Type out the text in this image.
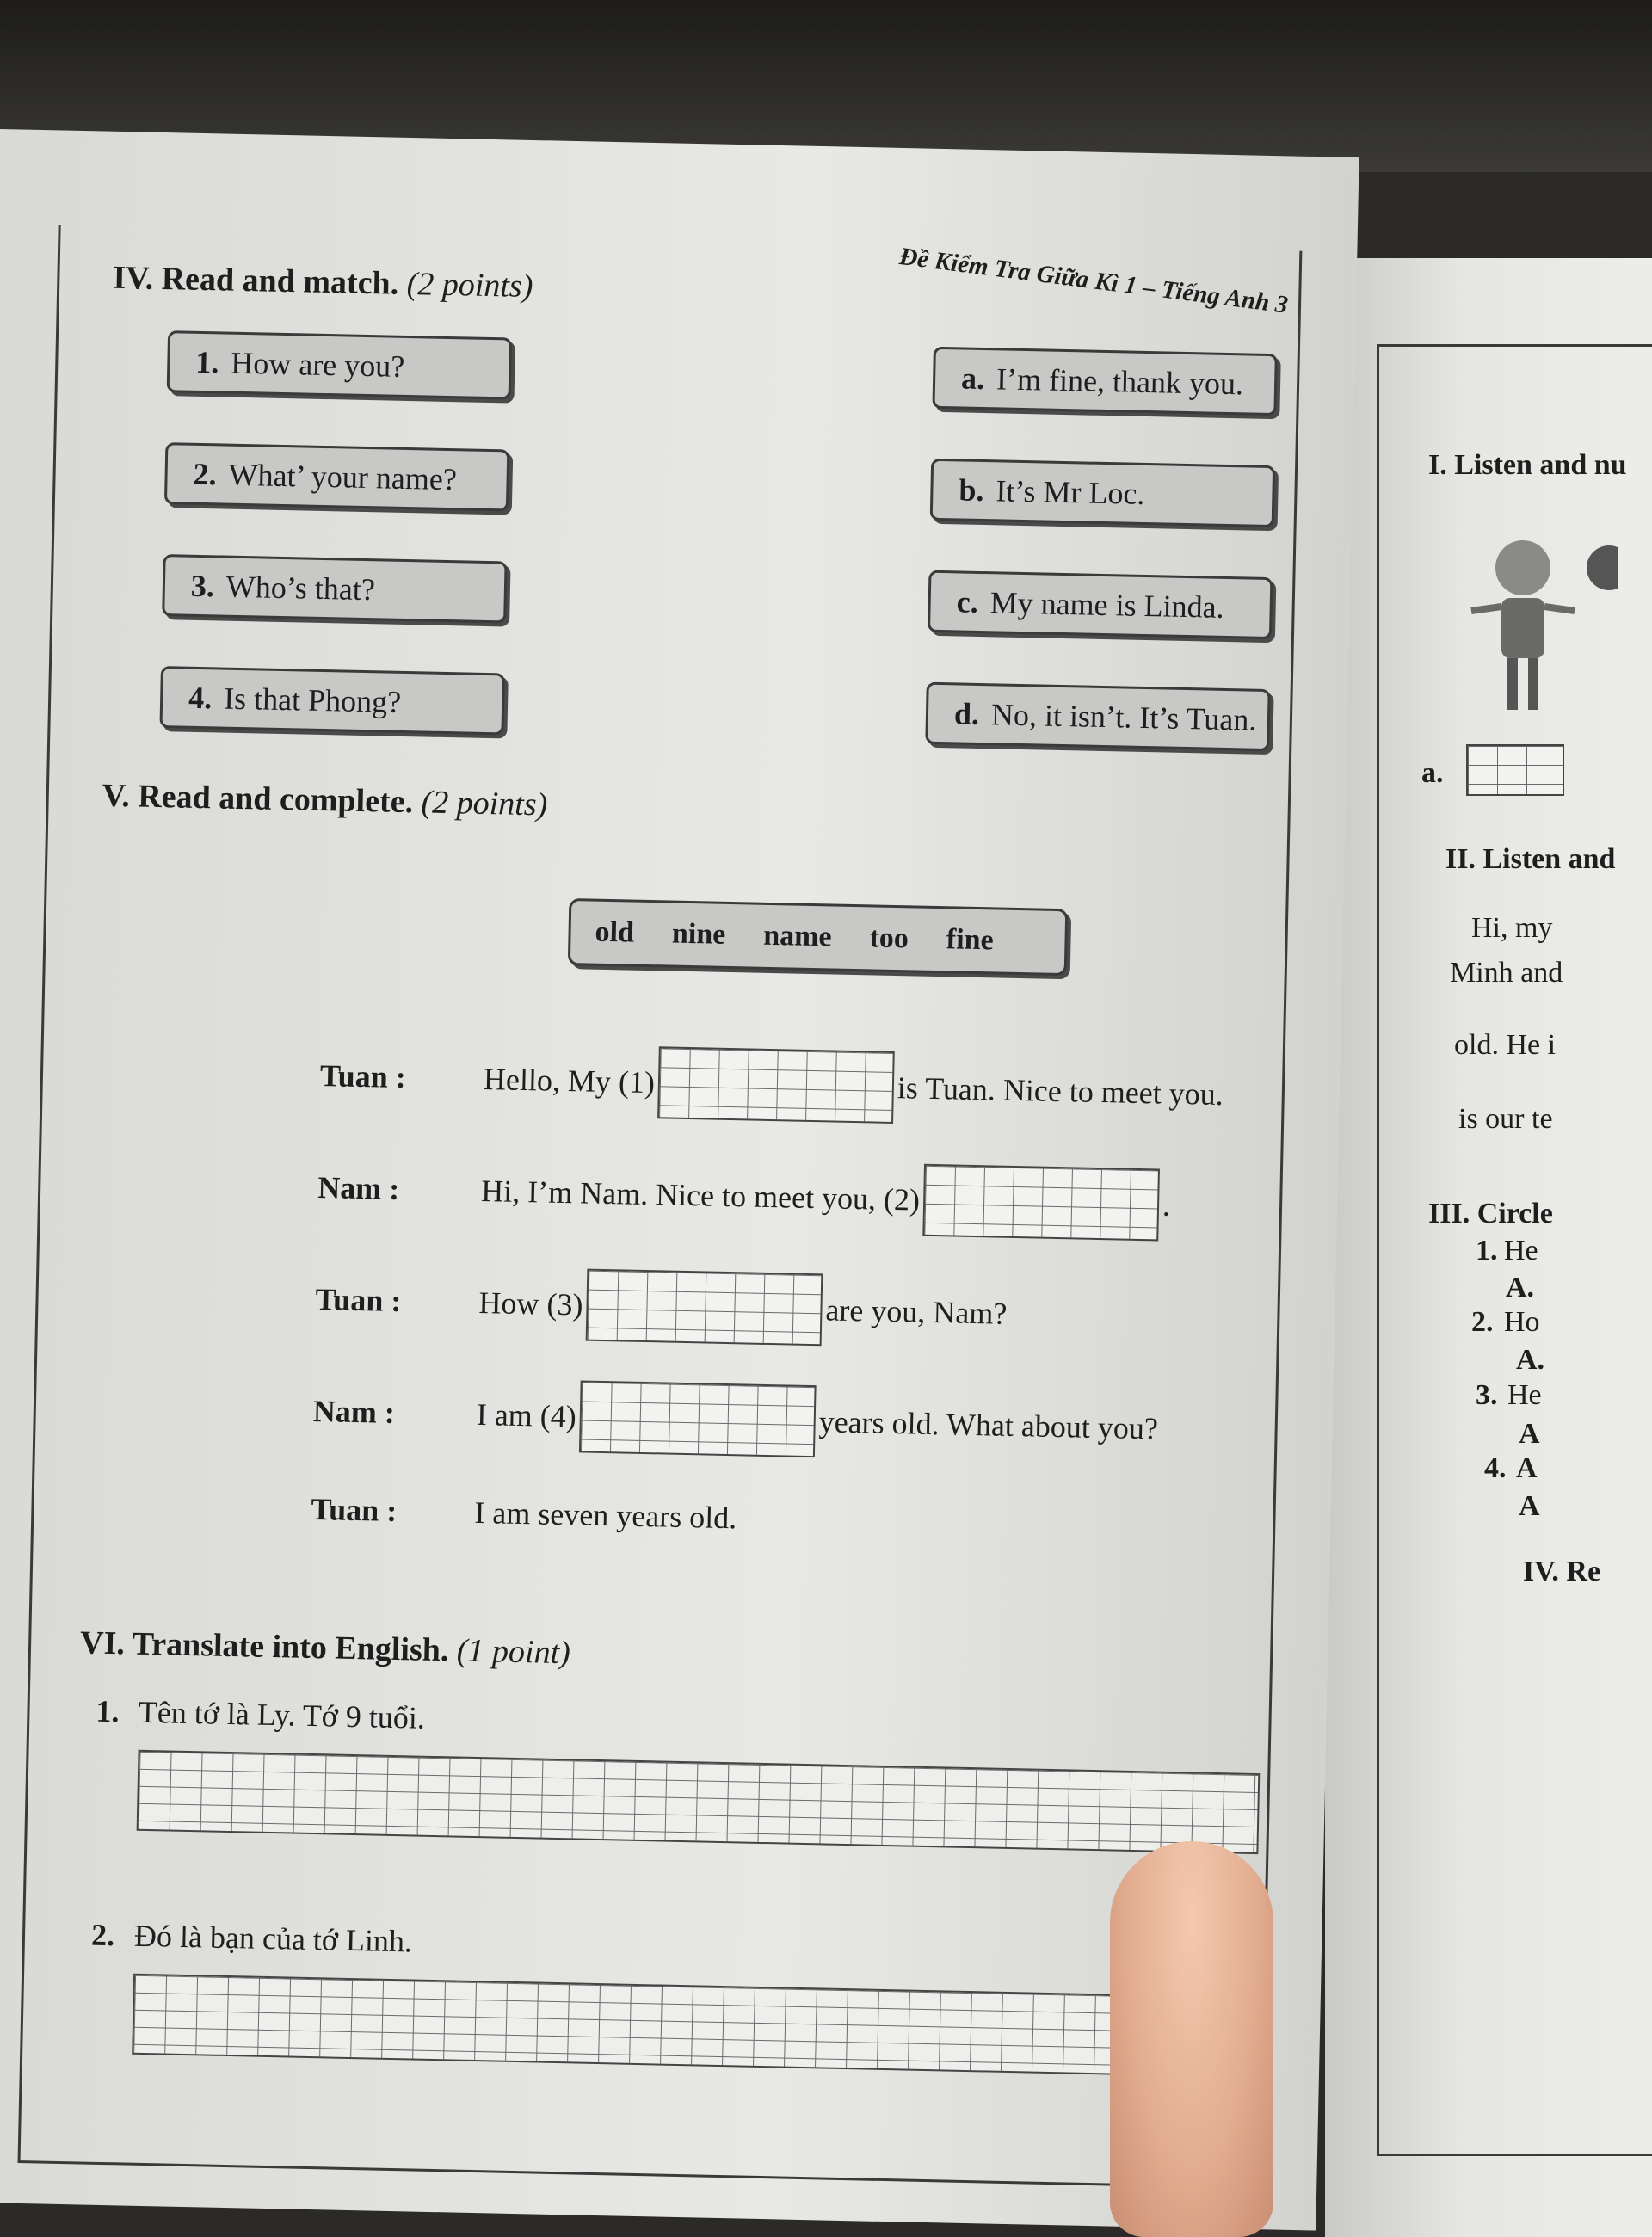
I. Listen and nu
a.
II. Listen and
Hi, my
Minh and
old. He i
is our te
III. Circle
1. He
A.
2. Ho
A.
3. He
A
4. A
A
IV. Re
Đề Kiểm Tra Giữa Kì 1 – Tiếng Anh 3
IV. Read and match. (2 points)
1. How are you?
2. What’ your name?
3. Who’s that?
4. Is that Phong?
a. I’m fine, thank you.
b. It’s Mr Loc.
c. My name is Linda.
d. No, it isn’t. It’s Tuan.
V. Read and complete. (2 points)
old nine name too fine
Tuan :	Hello, My (1)	is Tuan. Nice to meet you.
Nam :	Hi, I’m Nam. Nice to meet you, (2)	.
Tuan :	How (3)	are you, Nam?
Nam :	I am (4)	years old. What about you?
Tuan :	I am seven years old.
VI. Translate into English. (1 point)
1. Tên tớ là Ly. Tớ 9 tuổi.
2. Đó là bạn của tớ Linh.
